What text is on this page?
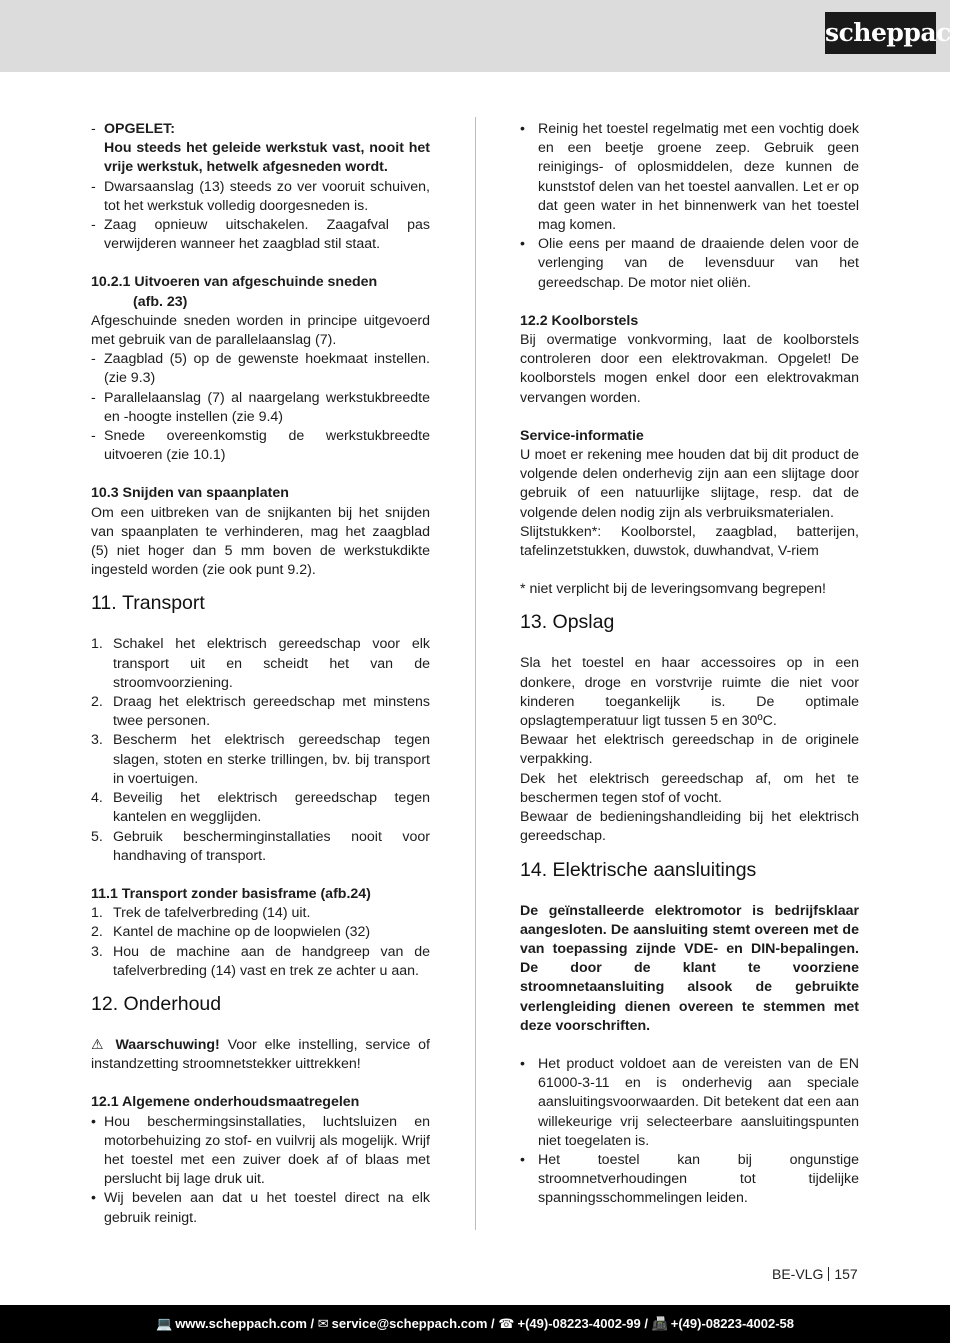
scheppach
- OPGELET:

Hou steeds het geleide werkstuk vast, nooit het vrije werkstuk, hetwelk afgesneden wordt.

- Dwarsaanslag (13) steeds zo ver vooruit schuiven, tot het werkstuk volledig doorgesneden is.

- Zaag opnieuw uitschakelen. Zaagafval pas verwijderen wanneer het zaagblad stil staat.

10.2.1 Uitvoeren van afgeschuinde sneden

(afb. 23)

Afgeschuinde sneden worden in principe uitgevoerd met gebruik van de parallelaanslag (7).

- Zaagblad (5) op de gewenste hoekmaat instellen. (zie 9.3)

- Parallelaanslag (7) al naargelang werkstukbreedte en -hoogte instellen (zie 9.4)

- Snede overeenkomstig de werkstukbreedte uitvoeren (zie 10.1)

10.3 Snijden van spaanplaten

Om een uitbreken van de snijkanten bij het snijden van spaanplaten te verhinderen, mag het zaagblad (5) niet hoger dan 5 mm boven de werkstukdikte ingesteld worden (zie ook punt 9.2).

11. Transport

1. Schakel het elektrisch gereedschap voor elk transport uit en scheidt het van de stroomvoorziening.

2. Draag het elektrisch gereedschap met minstens twee personen.

3. Bescherm het elektrisch gereedschap tegen slagen, stoten en sterke trillingen, bv. bij transport in voertuigen.

4. Beveilig het elektrisch gereedschap tegen kantelen en wegglijden.

5. Gebruik bescherminginstallaties nooit voor handhaving of transport.

11.1 Transport zonder basisframe (afb.24)

1. Trek de tafelverbreding (14) uit.

2. Kantel de machine op de loopwielen (32)

3. Hou de machine aan de handgreep van de tafelverbreding (14) vast en trek ze achter u aan.

12. Onderhoud

⚠ Waarschuwing! Voor elke instelling, service of instandzetting stroomnetstekker uittrekken!

12.1 Algemene onderhoudsmaatregelen

• Hou beschermingsinstallaties, luchtsluizen en motorbehuizing zo stof- en vuilvrij als mogelijk. Wrijf het toestel met een zuiver doek af of blaas met perslucht bij lage druk uit.

• Wij bevelen aan dat u het toestel direct na elk gebruik reinigt.

• Reinig het toestel regelmatig met een vochtig doek en een beetje groene zeep. Gebruik geen reinigings- of oplosmiddelen, deze kunnen de kunststof delen van het toestel aanvallen. Let er op dat geen water in het binnenwerk van het toestel mag komen.

• Olie eens per maand de draaiende delen voor de verlenging van de levensduur van het gereedschap. De motor niet oliën.

12.2 Koolborstels

Bij overmatige vonkvorming, laat de koolborstels controleren door een elektrovakman. Opgelet! De koolborstels mogen enkel door een elektrovakman vervangen worden.

Service-informatie

U moet er rekening mee houden dat bij dit product de volgende delen onderhevig zijn aan een slijtage door gebruik of een natuurlijke slijtage, resp. dat de volgende delen nodig zijn als verbruiksmaterialen.

Slijtstukken*: Koolborstel, zaagblad, batterijen, tafelinzetstukken, duwstok, duwhandvat, V-riem

* niet verplicht bij de leveringsomvang begrepen!

13. Opslag

Sla het toestel en haar accessoires op in een donkere, droge en vorstvrije ruimte die niet voor kinderen toegankelijk is. De optimale opslagtemperatuur ligt tussen 5 en 30ºC.

Bewaar het elektrisch gereedschap in de originele verpakking.

Dek het elektrisch gereedschap af, om het te beschermen tegen stof of vocht.

Bewaar de bedieningshandleiding bij het elektrisch gereedschap.

14. Elektrische aansluitings

De geïnstalleerde elektromotor is bedrijfsklaar aangesloten. De aansluiting stemt overeen met de van toepassing zijnde VDE- en DIN-bepalingen. De door de klant te voorziene stroomnetaansluiting alsook de gebruikte verlengleiding dienen overeen te stemmen met deze voorschriften.

• Het product voldoet aan de vereisten van de EN 61000-3-11 en is onderhevig aan speciale aansluitingsvoorwaarden. Dit betekent dat een aan willekeurige vrij selecteerbare aansluitingspunten niet toegelaten is.

• Het toestel kan bij ongunstige stroomnetverhoudingen tot tijdelijke spanningsschommelingen leiden.

BE-VLG 157
💻 www.scheppach.com / ✉ service@scheppach.com / ☎ +(49)-08223-4002-99 / 📠 +(49)-08223-4002-58
